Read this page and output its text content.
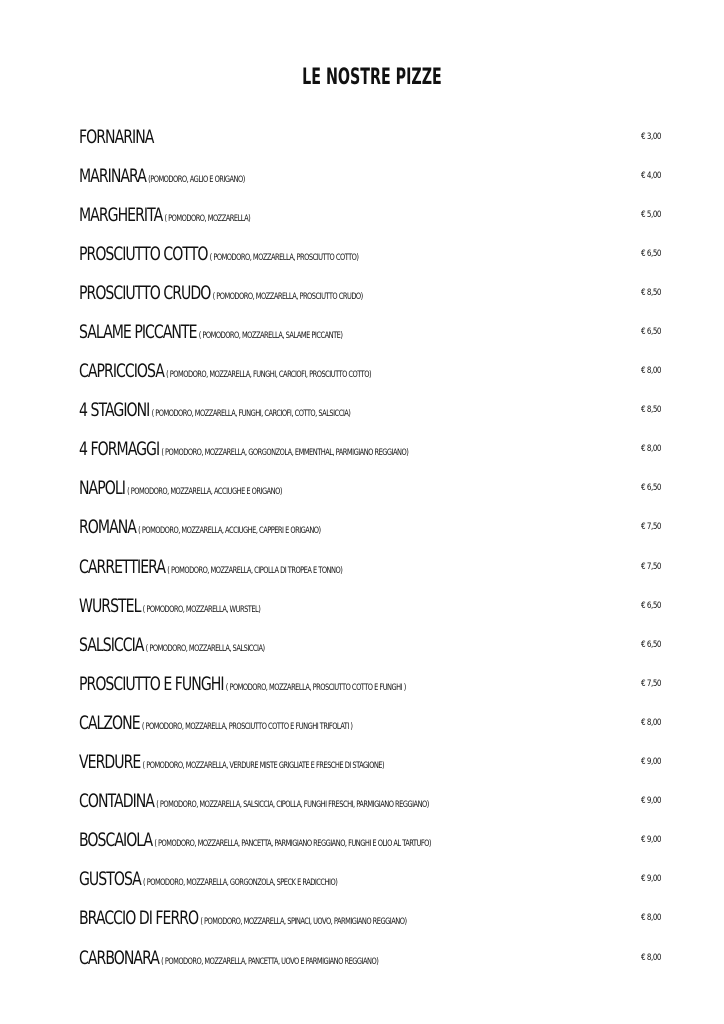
LE NOSTRE PIZZE
FORNARINA	€ 3,00
MARINARA (POMODORO, AGLIO E ORIGANO)	€ 4,00
MARGHERITA ( POMODORO, MOZZARELLA)	€ 5,00
PROSCIUTTO COTTO ( POMODORO, MOZZARELLA, PROSCIUTTO COTTO)	€ 6,50
PROSCIUTTO CRUDO ( POMODORO, MOZZARELLA, PROSCIUTTO CRUDO)	€ 8,50
SALAME PICCANTE ( POMODORO, MOZZARELLA, SALAME PICCANTE)	€ 6,50
CAPRICCIOSA ( POMODORO, MOZZARELLA, FUNGHI, CARCIOFI, PROSCIUTTO COTTO)	€ 8,00
4 STAGIONI ( POMODORO, MOZZARELLA, FUNGHI, CARCIOFI, COTTO, SALSICCIA)	€ 8,50
4 FORMAGGI ( POMODORO, MOZZARELLA, GORGONZOLA, EMMENTHAL, PARMIGIANO REGGIANO)	€ 8,00
NAPOLI ( POMODORO, MOZZARELLA, ACCIUGHE E ORIGANO)	€ 6,50
ROMANA ( POMODORO, MOZZARELLA, ACCIUGHE, CAPPERI E ORIGANO)	€ 7,50
CARRETTIERA ( POMODORO, MOZZARELLA, CIPOLLA DI TROPEA E TONNO)	€ 7,50
WURSTEL ( POMODORO, MOZZARELLA, WURSTEL)	€ 6,50
SALSICCIA ( POMODORO, MOZZARELLA, SALSICCIA)	€ 6,50
PROSCIUTTO E FUNGHI ( POMODORO, MOZZARELLA, PROSCIUTTO COTTO E FUNGHI )	€ 7,50
CALZONE ( POMODORO, MOZZARELLA, PROSCIUTTO COTTO E FUNGHI TRIFOLATI )	€ 8,00
VERDURE ( POMODORO, MOZZARELLA, VERDURE MISTE GRIGLIATE E FRESCHE DI STAGIONE)	€ 9,00
CONTADINA ( POMODORO, MOZZARELLA, SALSICCIA, CIPOLLA, FUNGHI FRESCHI, PARMIGIANO REGGIANO)	€ 9,00
BOSCAIOLA ( POMODORO, MOZZARELLA, PANCETTA, PARMIGIANO REGGIANO, FUNGHI E OLIO AL TARTUFO)	€ 9,00
GUSTOSA ( POMODORO, MOZZARELLA, GORGONZOLA, SPECK E RADICCHIO)	€ 9,00
BRACCIO DI FERRO ( POMODORO, MOZZARELLA, SPINACI, UOVO, PARMIGIANO REGGIANO)	€ 8,00
CARBONARA ( POMODORO, MOZZARELLA, PANCETTA, UOVO E PARMIGIANO REGGIANO)	€ 8,00
